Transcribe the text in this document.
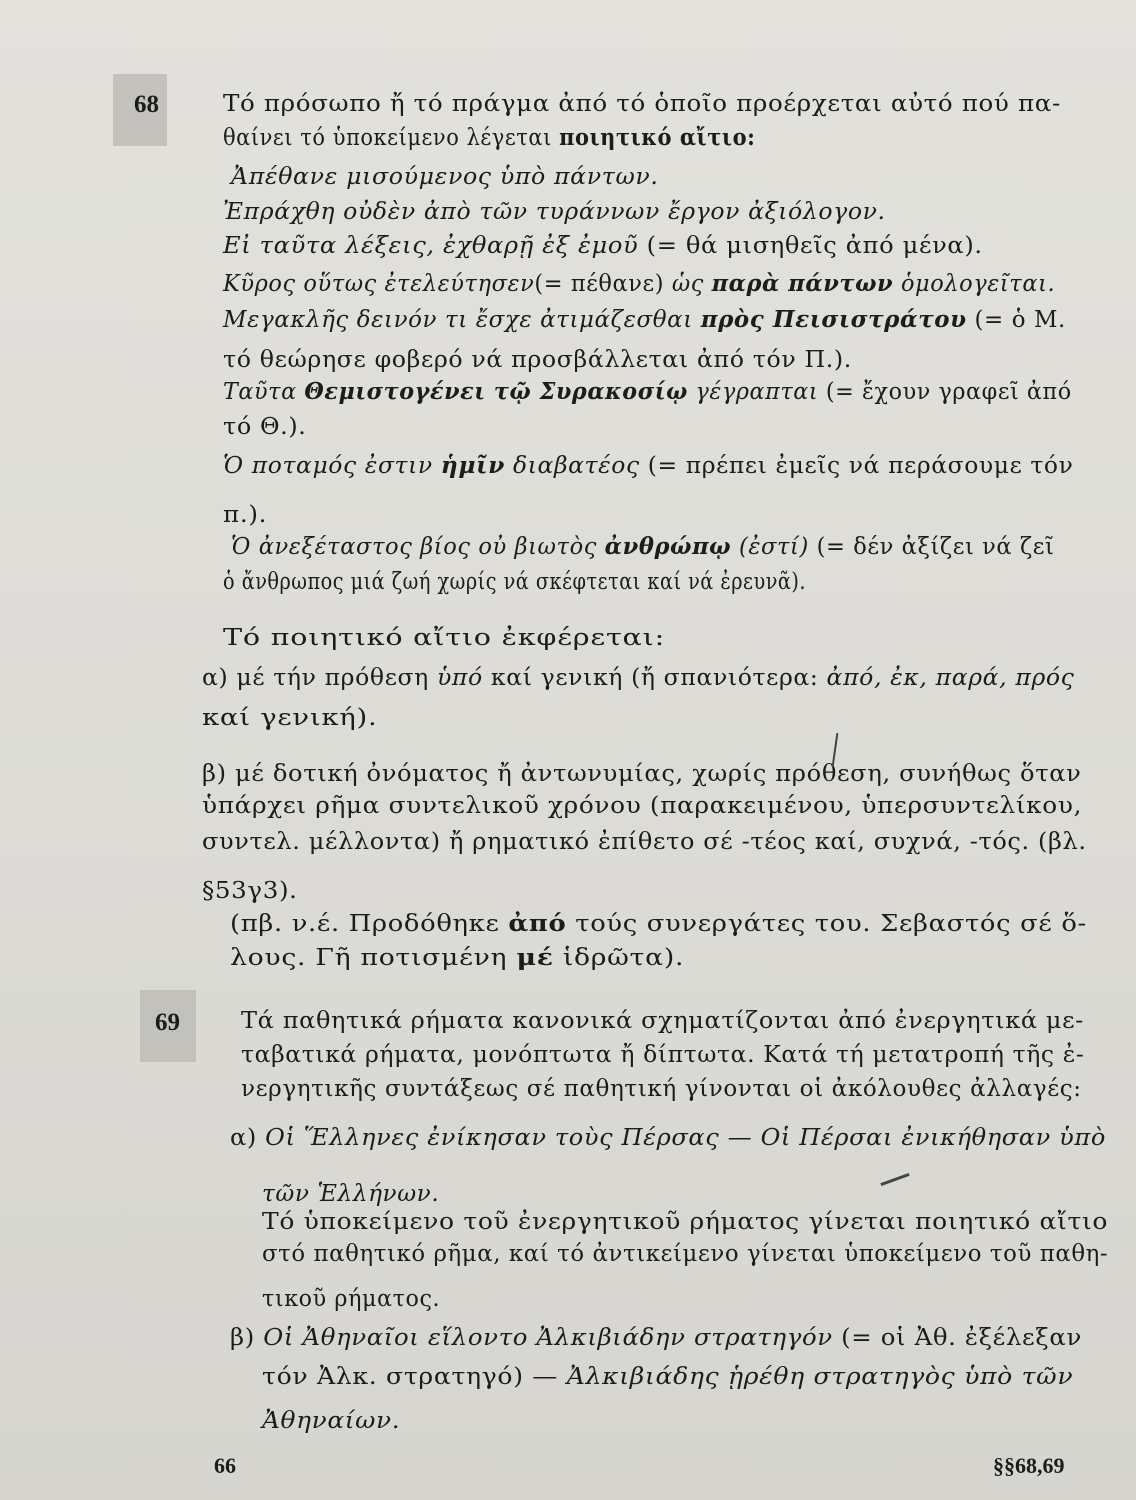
68
69
Τό πρόσωπο ἤ τό πράγμα ἀπό τό ὁποῖο προέρχεται αὐτό πού πα-
θαίνει τό ὑποκείμενο λέγεται ποιητικό αἴτιο:
Ἀπέθανε μισούμενος ὑπὸ πάντων.
Ἐπράχθη οὐδὲν ἀπὸ τῶν τυράννων ἔργον ἀξιόλογον.
Εἰ ταῦτα λέξεις, ἐχθαρῇ ἐξ ἐμοῦ (= θά μισηθεῖς ἀπό μένα).
Κῦρος οὕτως ἐτελεύτησεν(= πέθανε) ὡς παρὰ πάντων ὁμολογεῖται.
Μεγακλῆς δεινόν τι ἔσχε ἀτιμάζεσθαι πρὸς Πεισιστράτου (= ὁ Μ.
τό θεώρησε φοβερό νά προσβάλλεται ἀπό τόν Π.).
Ταῦτα Θεμιστογένει τῷ Συρακοσίῳ γέγραπται (= ἔχουν γραφεῖ ἀπό
τό Θ.).
Ὁ ποταμός ἐστιν ἡμῖν διαβατέος (= πρέπει ἐμεῖς νά περάσουμε τόν
π.).
Ὁ ἀνεξέταστος βίος οὐ βιωτὸς ἀνθρώπῳ (ἐστί) (= δέν ἀξίζει νά ζεῖ
ὁ ἄνθρωπος μιά ζωή χωρίς νά σκέφτεται καί νά ἐρευνᾶ).
Τό ποιητικό αἴτιο ἐκφέρεται:
α) μέ τήν πρόθεση ὑπό καί γενική (ἤ σπανιότερα: ἀπό, ἐκ, παρά, πρός
καί γενική).
β) μέ δοτική ὀνόματος ἤ ἀντωνυμίας, χωρίς πρόθεση, συνήθως ὅταν
ὑπάρχει ρῆμα συντελικοῦ χρόνου (παρακειμένου, ὑπερσυντελίκου,
συντελ. μέλλοντα) ἤ ρηματικό ἐπίθετο σέ -τέος καί, συχνά, -τός. (βλ.
§53γ3).
(πβ. ν.έ. Προδόθηκε ἀπό τούς συνεργάτες του. Σεβαστός σέ ὅ-
λους. Γῆ ποτισμένη μέ ἱδρῶτα).
Τά παθητικά ρήματα κανονικά σχηματίζονται ἀπό ἐνεργητικά με-
ταβατικά ρήματα, μονόπτωτα ἤ δίπτωτα. Κατά τή μετατροπή τῆς ἐ-
νεργητικῆς συντάξεως σέ παθητική γίνονται οἱ ἀκόλουθες ἀλλαγές:
α) Οἱ Ἕλληνες ἐνίκησαν τοὺς Πέρσας — Οἱ Πέρσαι ἐνικήθησαν ὑπὸ
τῶν Ἑλλήνων.
Τό ὑποκείμενο τοῦ ἐνεργητικοῦ ρήματος γίνεται ποιητικό αἴτιο
στό παθητικό ρῆμα, καί τό ἀντικείμενο γίνεται ὑποκείμενο τοῦ παθη-
τικοῦ ρήματος.
β) Οἱ Ἀθηναῖοι εἵλοντο Ἀλκιβιάδην στρατηγόν (= οἱ Ἀθ. ἐξέλεξαν
τόν Ἀλκ. στρατηγό) — Ἀλκιβιάδης ᾑρέθη στρατηγὸς ὑπὸ τῶν
Ἀθηναίων.
66	§§68,69
